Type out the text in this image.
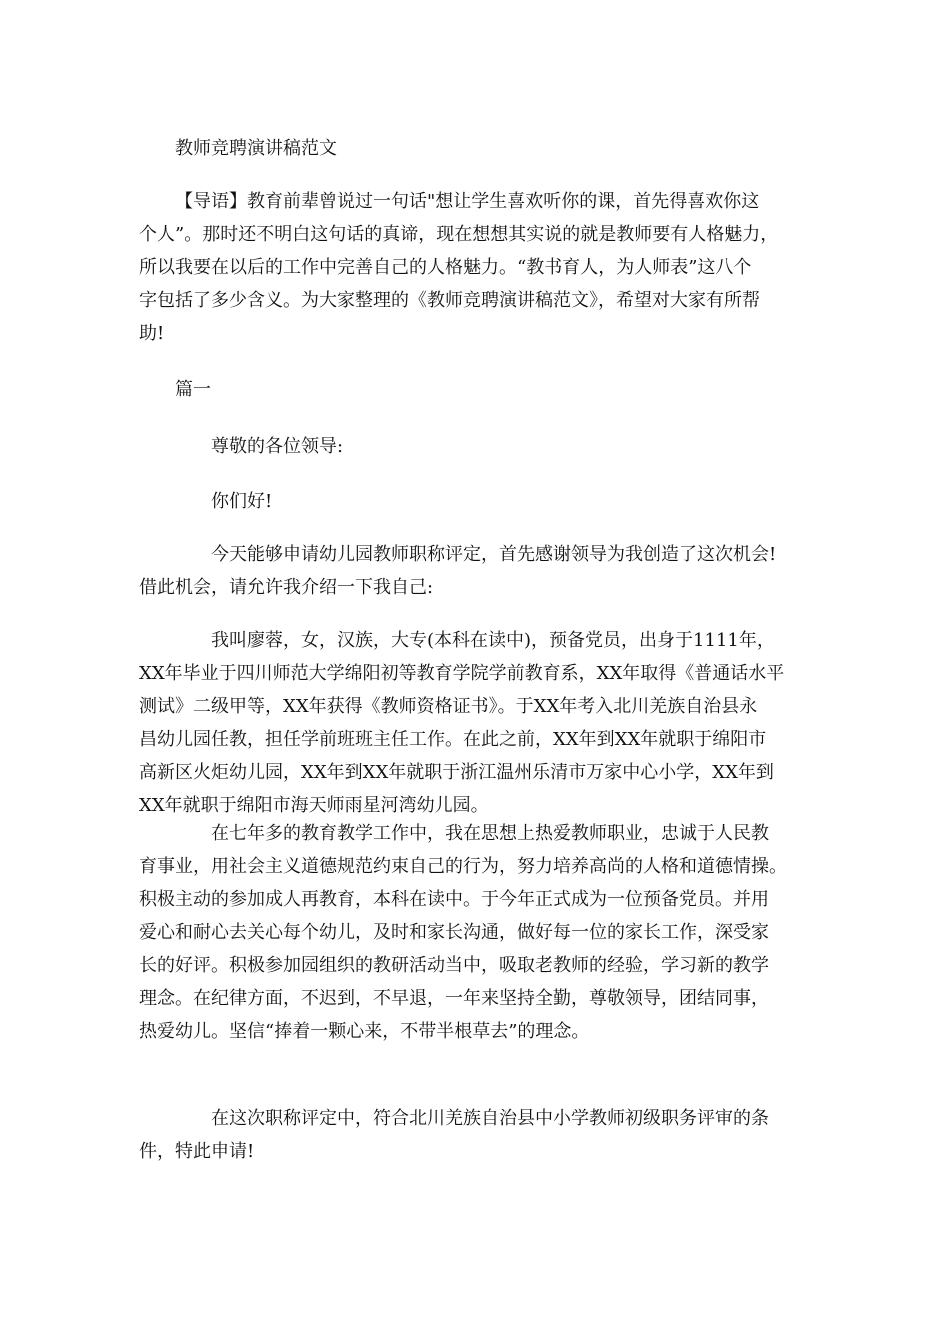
教师竞聘演讲稿范文
【导语】教育前辈曾说过一句话"想让学生喜欢听你的课，首先得喜欢你这
个人”。那时还不明白这句话的真谛，现在想想其实说的就是教师要有人格魅力，
所以我要在以后的工作中完善自己的人格魅力。“教书育人，为人师表”这八个
字包括了多少含义。为大家整理的《教师竞聘演讲稿范文》，希望对大家有所帮
助!
篇一
尊敬的各位领导:
你们好!
今天能够申请幼儿园教师职称评定，首先感谢领导为我创造了这次机会!
借此机会，请允许我介绍一下我自己:
我叫廖蓉，女，汉族，大专(本科在读中)，预备党员，出身于1111年，
XX年毕业于四川师范大学绵阳初等教育学院学前教育系，XX年取得《普通话水平
测试》二级甲等，XX年获得《教师资格证书》。于XX年考入北川羌族自治县永
昌幼儿园任教，担任学前班班主任工作。在此之前，XX年到XX年就职于绵阳市
高新区火炬幼儿园，XX年到XX年就职于浙江温州乐清市万家中心小学，XX年到
XX年就职于绵阳市海天师雨星河湾幼儿园。
在七年多的教育教学工作中，我在思想上热爱教师职业，忠诚于人民教
育事业，用社会主义道德规范约束自己的行为，努力培养高尚的人格和道德情操。
积极主动的参加成人再教育，本科在读中。于今年正式成为一位预备党员。并用
爱心和耐心去关心每个幼儿，及时和家长沟通，做好每一位的家长工作，深受家
长的好评。积极参加园组织的教研活动当中，吸取老教师的经验，学习新的教学
理念。在纪律方面，不迟到，不早退，一年来坚持全勤，尊敬领导，团结同事，
热爱幼儿。坚信“捧着一颗心来，不带半根草去”的理念。
在这次职称评定中，符合北川羌族自治县中小学教师初级职务评审的条
件，特此申请!
